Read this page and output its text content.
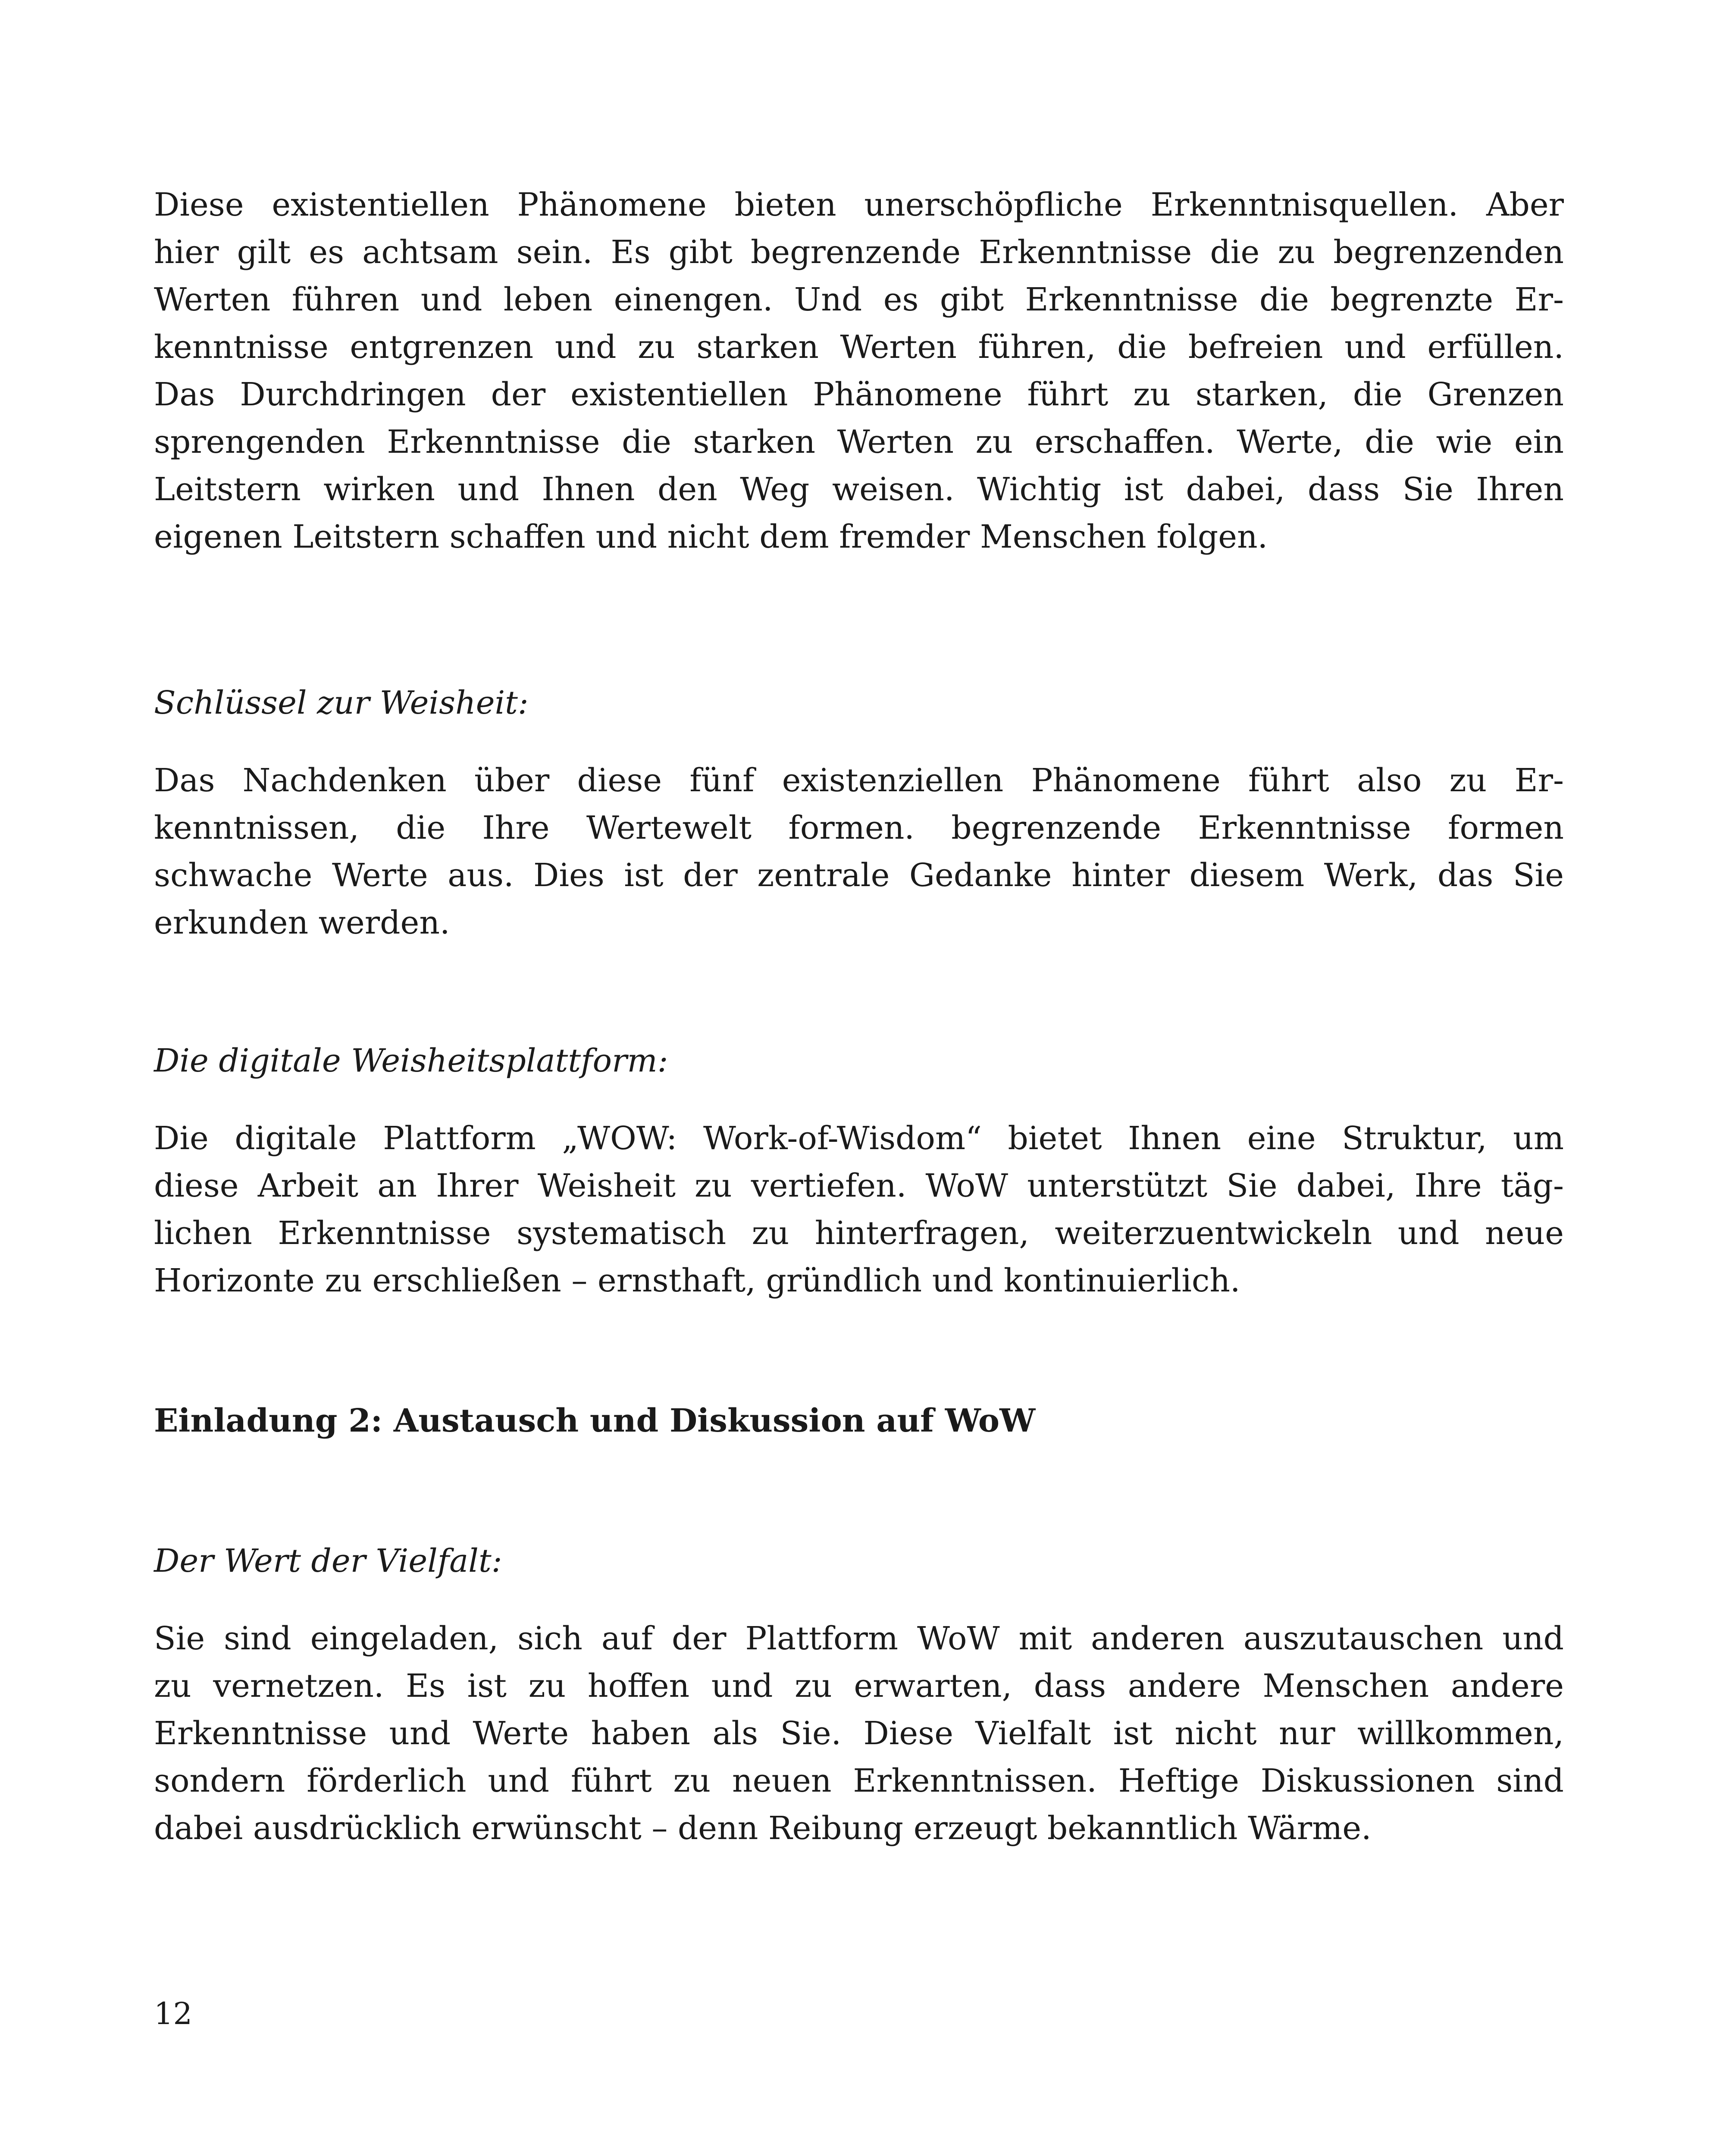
Diese existentiellen Phänomene bieten unerschöpfliche Erkenntnisquellen. Aber
hier gilt es achtsam sein. Es gibt begrenzende Erkenntnisse die zu begrenzenden
Werten führen und leben einengen. Und es gibt Erkenntnisse die begrenzte Er-
kenntnisse entgrenzen und zu starken Werten führen, die befreien und erfüllen.
Das Durchdringen der existentiellen Phänomene führt zu starken, die Grenzen
sprengenden Erkenntnisse die starken Werten zu erschaffen. Werte, die wie ein
Leitstern wirken und Ihnen den Weg weisen. Wichtig ist dabei, dass Sie Ihren
eigenen Leitstern schaffen und nicht dem fremder Menschen folgen.

Schlüssel zur Weisheit:

Das Nachdenken über diese fünf existenziellen Phänomene führt also zu Er-
kenntnissen, die Ihre Wertewelt formen. begrenzende Erkenntnisse formen
schwache Werte aus. Dies ist der zentrale Gedanke hinter diesem Werk, das Sie
erkunden werden.

Die digitale Weisheitsplattform:

Die digitale Plattform „WOW: Work-of-Wisdom“ bietet Ihnen eine Struktur, um
diese Arbeit an Ihrer Weisheit zu vertiefen. WoW unterstützt Sie dabei, Ihre täg-
lichen Erkenntnisse systematisch zu hinterfragen, weiterzuentwickeln und neue
Horizonte zu erschließen – ernsthaft, gründlich und kontinuierlich.

Einladung 2: Austausch und Diskussion auf WoW

Der Wert der Vielfalt:

Sie sind eingeladen, sich auf der Plattform WoW mit anderen auszutauschen und
zu vernetzen. Es ist zu hoffen und zu erwarten, dass andere Menschen andere
Erkenntnisse und Werte haben als Sie. Diese Vielfalt ist nicht nur willkommen,
sondern förderlich und führt zu neuen Erkenntnissen. Heftige Diskussionen sind
dabei ausdrücklich erwünscht – denn Reibung erzeugt bekanntlich Wärme.

12
